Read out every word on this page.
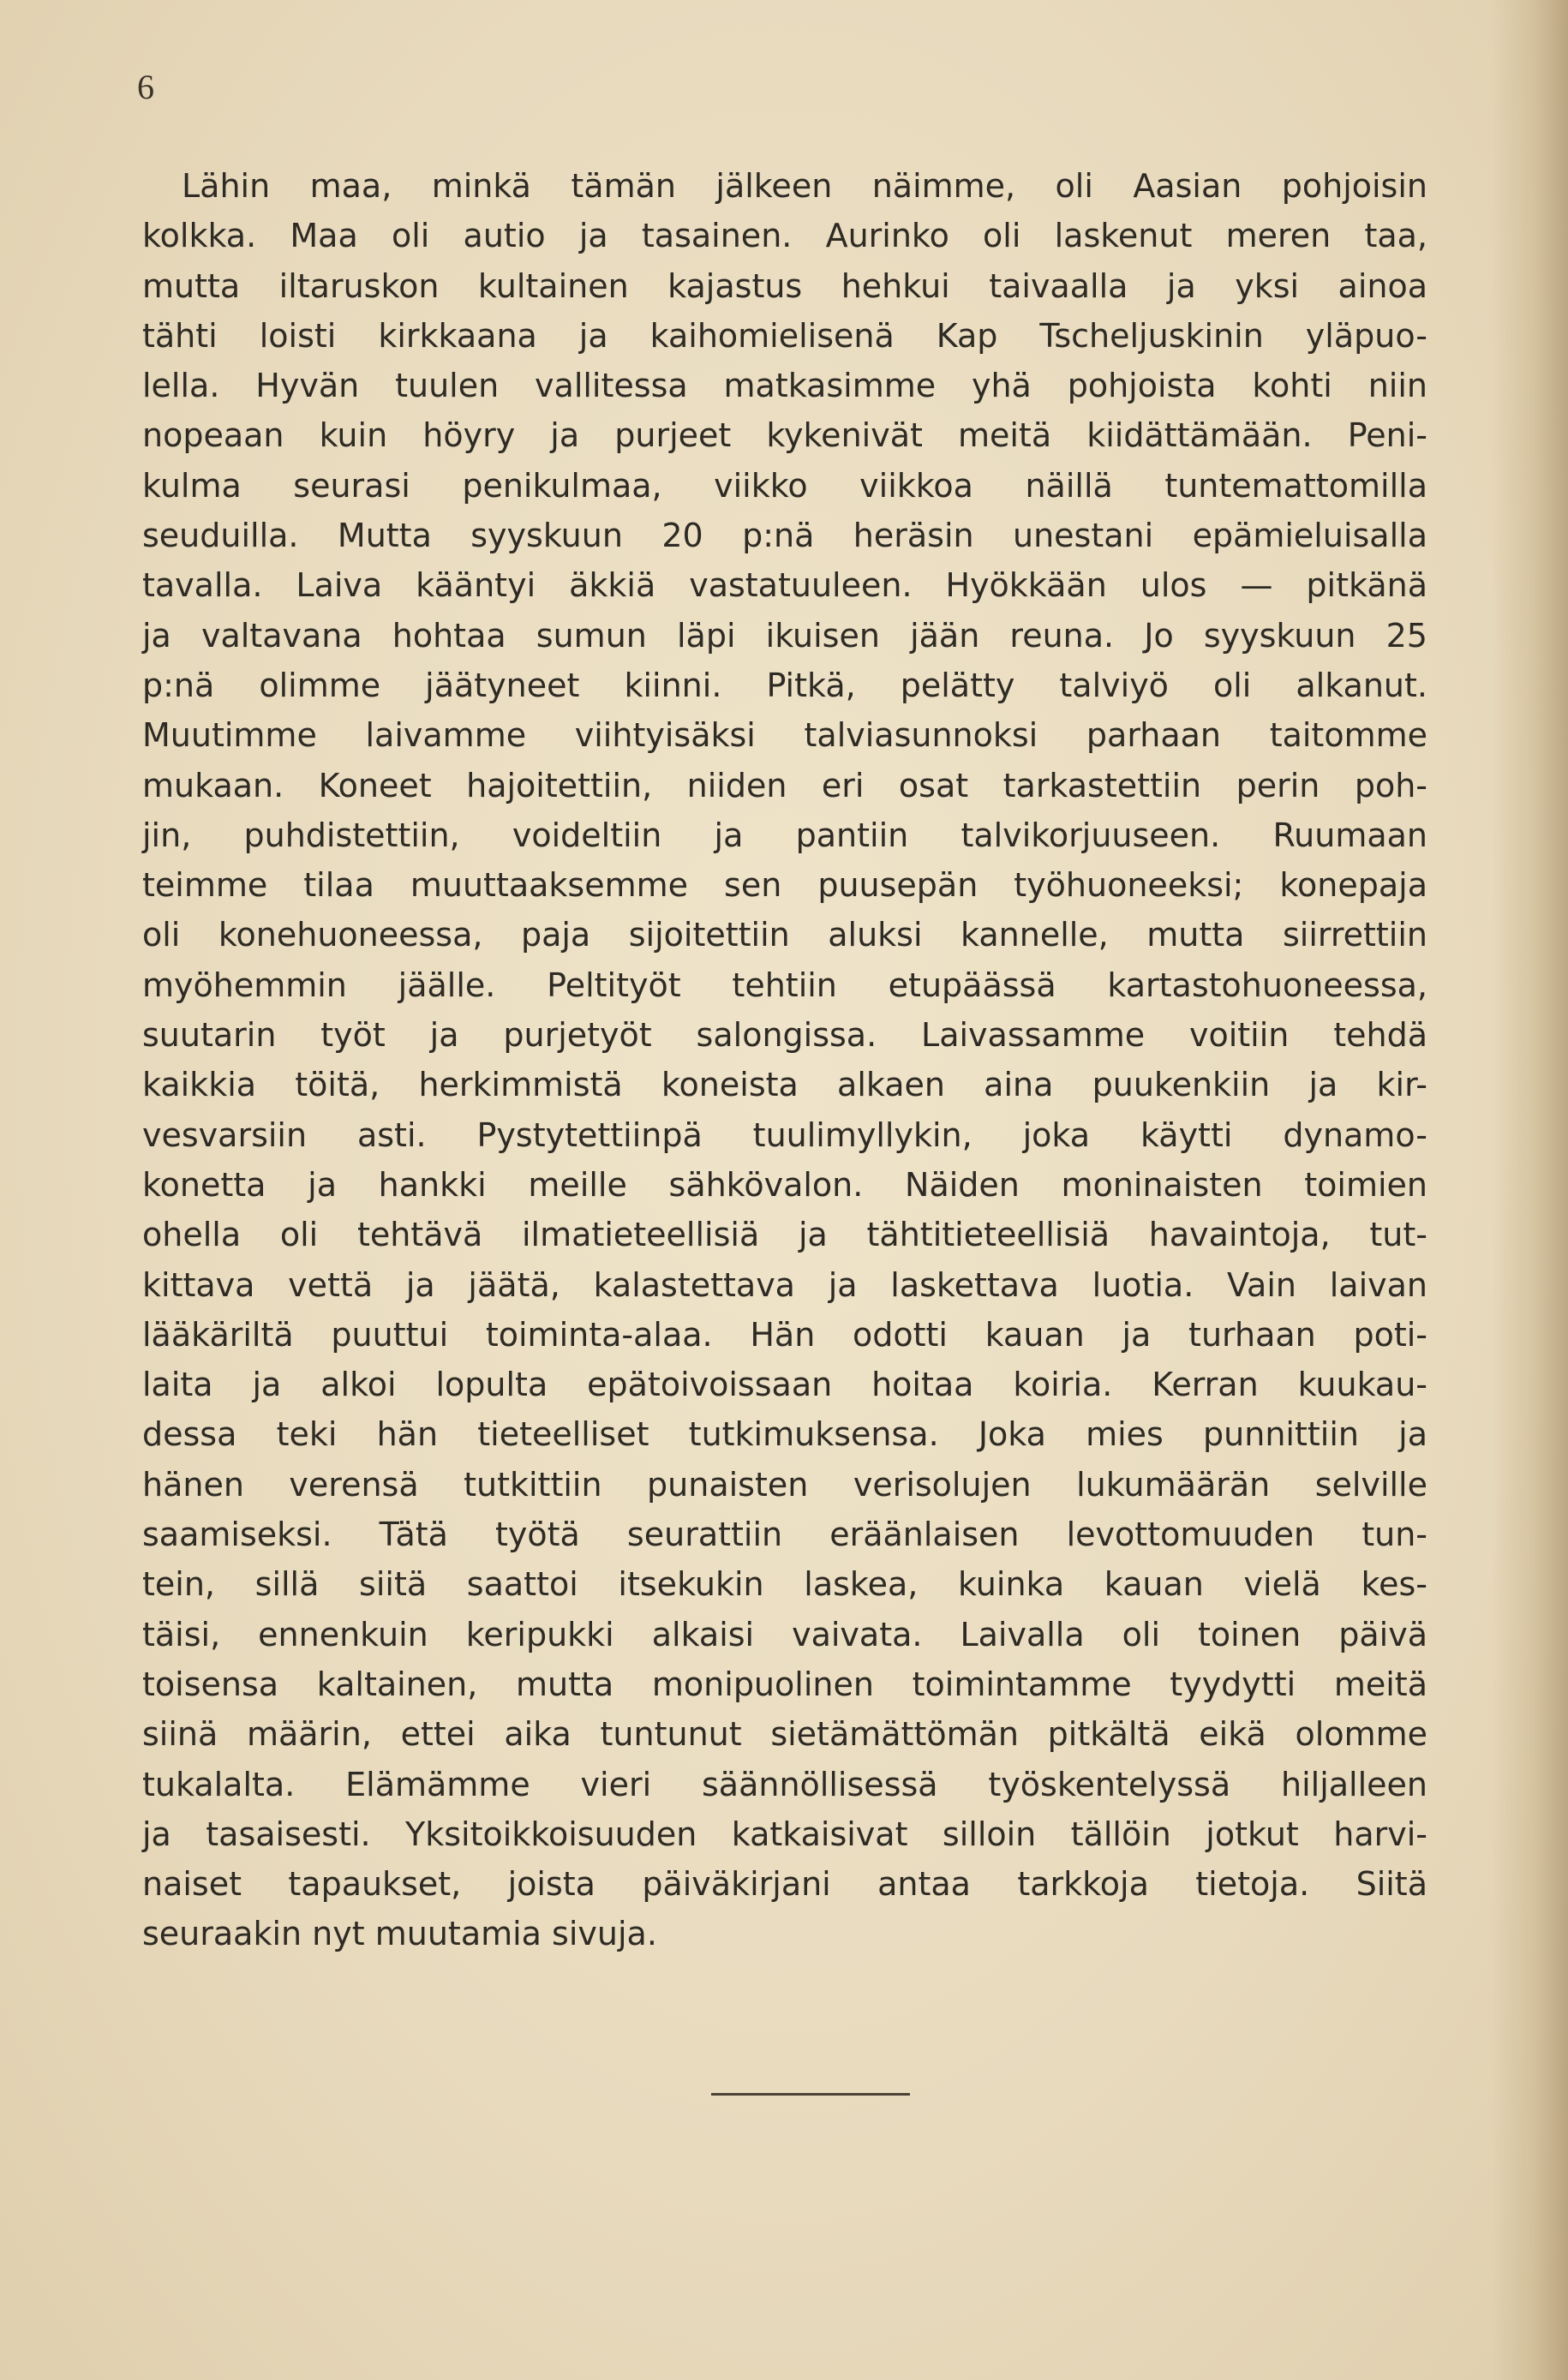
6
Lähin maa, minkä tämän jälkeen näimme, oli Aasian pohjoisin
kolkka. Maa oli autio ja tasainen. Aurinko oli laskenut meren taa,
mutta iltaruskon kultainen kajastus hehkui taivaalla ja yksi ainoa
tähti loisti kirkkaana ja kaihomielisenä Kap Tscheljuskinin yläpuo-
lella. Hyvän tuulen vallitessa matkasimme yhä pohjoista kohti niin
nopeaan kuin höyry ja purjeet kykenivät meitä kiidättämään. Peni-
kulma seurasi penikulmaa, viikko viikkoa näillä tuntemattomilla
seuduilla. Mutta syyskuun 20 p:nä heräsin unestani epämieluisalla
tavalla. Laiva kääntyi äkkiä vastatuuleen. Hyökkään ulos — pitkänä
ja valtavana hohtaa sumun läpi ikuisen jään reuna. Jo syyskuun 25
p:nä olimme jäätyneet kiinni. Pitkä, pelätty talviyö oli alkanut.
Muutimme laivamme viihtyisäksi talviasunnoksi parhaan taitomme
mukaan. Koneet hajoitettiin, niiden eri osat tarkastettiin perin poh-
jin, puhdistettiin, voideltiin ja pantiin talvikorjuuseen. Ruumaan
teimme tilaa muuttaaksemme sen puusepän työhuoneeksi; konepaja
oli konehuoneessa, paja sijoitettiin aluksi kannelle, mutta siirrettiin
myöhemmin jäälle. Peltityöt tehtiin etupäässä kartastohuoneessa,
suutarin työt ja purjetyöt salongissa. Laivassamme voitiin tehdä
kaikkia töitä, herkimmistä koneista alkaen aina puukenkiin ja kir-
vesvarsiin asti. Pystytettiinpä tuulimyllykin, joka käytti dynamo-
konetta ja hankki meille sähkövalon. Näiden moninaisten toimien
ohella oli tehtävä ilmatieteellisiä ja tähtitieteellisiä havaintoja, tut-
kittava vettä ja jäätä, kalastettava ja laskettava luotia. Vain laivan
lääkäriltä puuttui toiminta-alaa. Hän odotti kauan ja turhaan poti-
laita ja alkoi lopulta epätoivoissaan hoitaa koiria. Kerran kuukau-
dessa teki hän tieteelliset tutkimuksensa. Joka mies punnittiin ja
hänen verensä tutkittiin punaisten verisolujen lukumäärän selville
saamiseksi. Tätä työtä seurattiin eräänlaisen levottomuuden tun-
tein, sillä siitä saattoi itsekukin laskea, kuinka kauan vielä kes-
täisi, ennenkuin keripukki alkaisi vaivata. Laivalla oli toinen päivä
toisensa kaltainen, mutta monipuolinen toimintamme tyydytti meitä
siinä määrin, ettei aika tuntunut sietämättömän pitkältä eikä olomme
tukalalta. Elämämme vieri säännöllisessä työskentelyssä hiljalleen
ja tasaisesti. Yksitoikkoisuuden katkaisivat silloin tällöin jotkut harvi-
naiset tapaukset, joista päiväkirjani antaa tarkkoja tietoja. Siitä
seuraakin nyt muutamia sivuja.
